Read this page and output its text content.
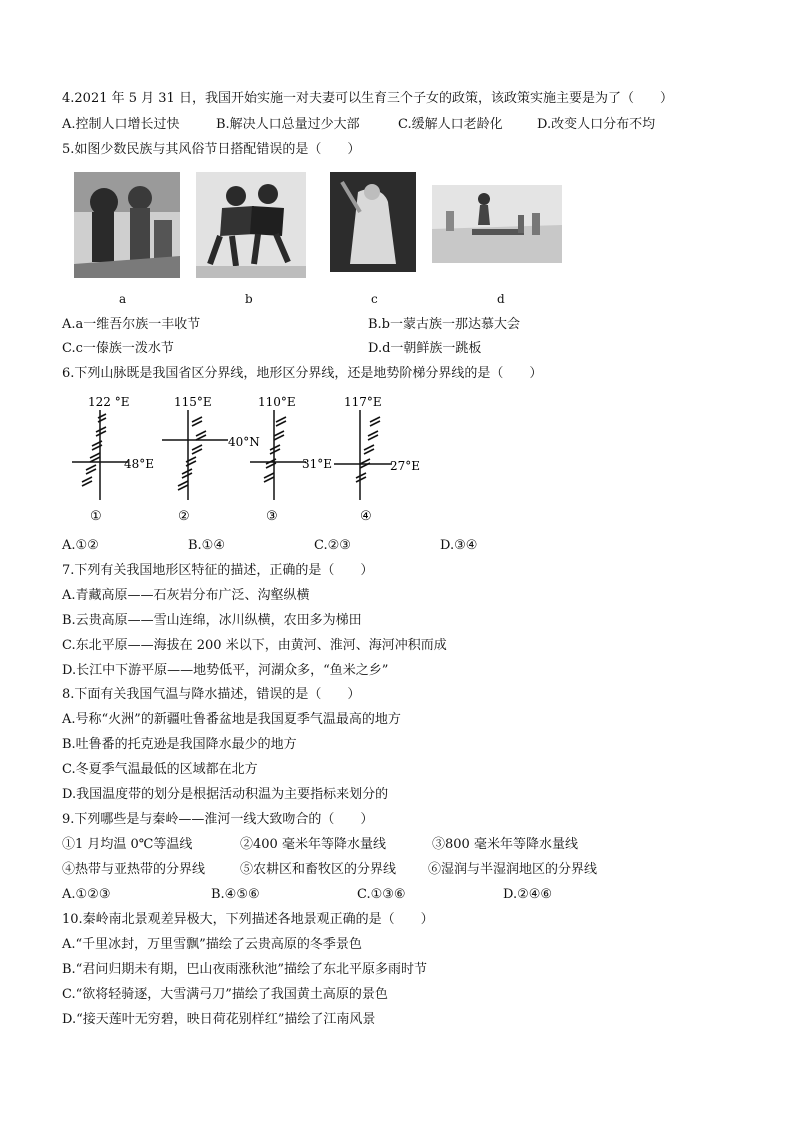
4.2021 年 5 月 31 日，我国开始实施一对夫妻可以生育三个子女的政策，该政策实施主要是为了（　　）
A.控制人口增长过快	B.解决人口总量过少大部	C.缓解人口老龄化	D.改变人口分布不均
5.如图少数民族与其风俗节日搭配错误的是（　　）
a	b	c	d
A.a一维吾尔族一丰收节	B.b一蒙古族一那达慕大会
C.c一傣族一泼水节	D.d一朝鲜族一跳板
6.下列山脉既是我国省区分界线，地形区分界线，还是地势阶梯分界线的是（　　）
122 °E
48°E
①
115°E
40°N
②
110°E
31°E
③
117°E
27°E
④
A.①②	B.①④	C.②③	D.③④
7.下列有关我国地形区特征的描述，正确的是（　　）
A.青藏高原——石灰岩分布广泛、沟壑纵横
B.云贵高原——雪山连绵，冰川纵横，农田多为梯田
C.东北平原——海拔在 200 米以下，由黄河、淮河、海河冲积而成
D.长江中下游平原——地势低平，河湖众多，“鱼米之乡”
8.下面有关我国气温与降水描述，错误的是（　　）
A.号称“火洲”的新疆吐鲁番盆地是我国夏季气温最高的地方
B.吐鲁番的托克逊是我国降水最少的地方
C.冬夏季气温最低的区域都在北方
D.我国温度带的划分是根据活动积温为主要指标来划分的
9.下列哪些是与秦岭——淮河一线大致吻合的（　　）
①1 月均温 0℃等温线	②400 毫米年等降水量线	③800 毫米年等降水量线
④热带与亚热带的分界线	⑤农耕区和畜牧区的分界线 ⑥湿润与半湿润地区的分界线
A.①②③	B.④⑤⑥	C.①③⑥	D.②④⑥
10.秦岭南北景观差异极大，下列描述各地景观正确的是（　　）
A.“千里冰封，万里雪飘”描绘了云贵高原的冬季景色
B.“君问归期未有期，巴山夜雨涨秋池”描绘了东北平原多雨时节
C.“欲将轻骑逐，大雪满弓刀”描绘了我国黄土高原的景色
D.“接天莲叶无穷碧，映日荷花别样红”描绘了江南风景
